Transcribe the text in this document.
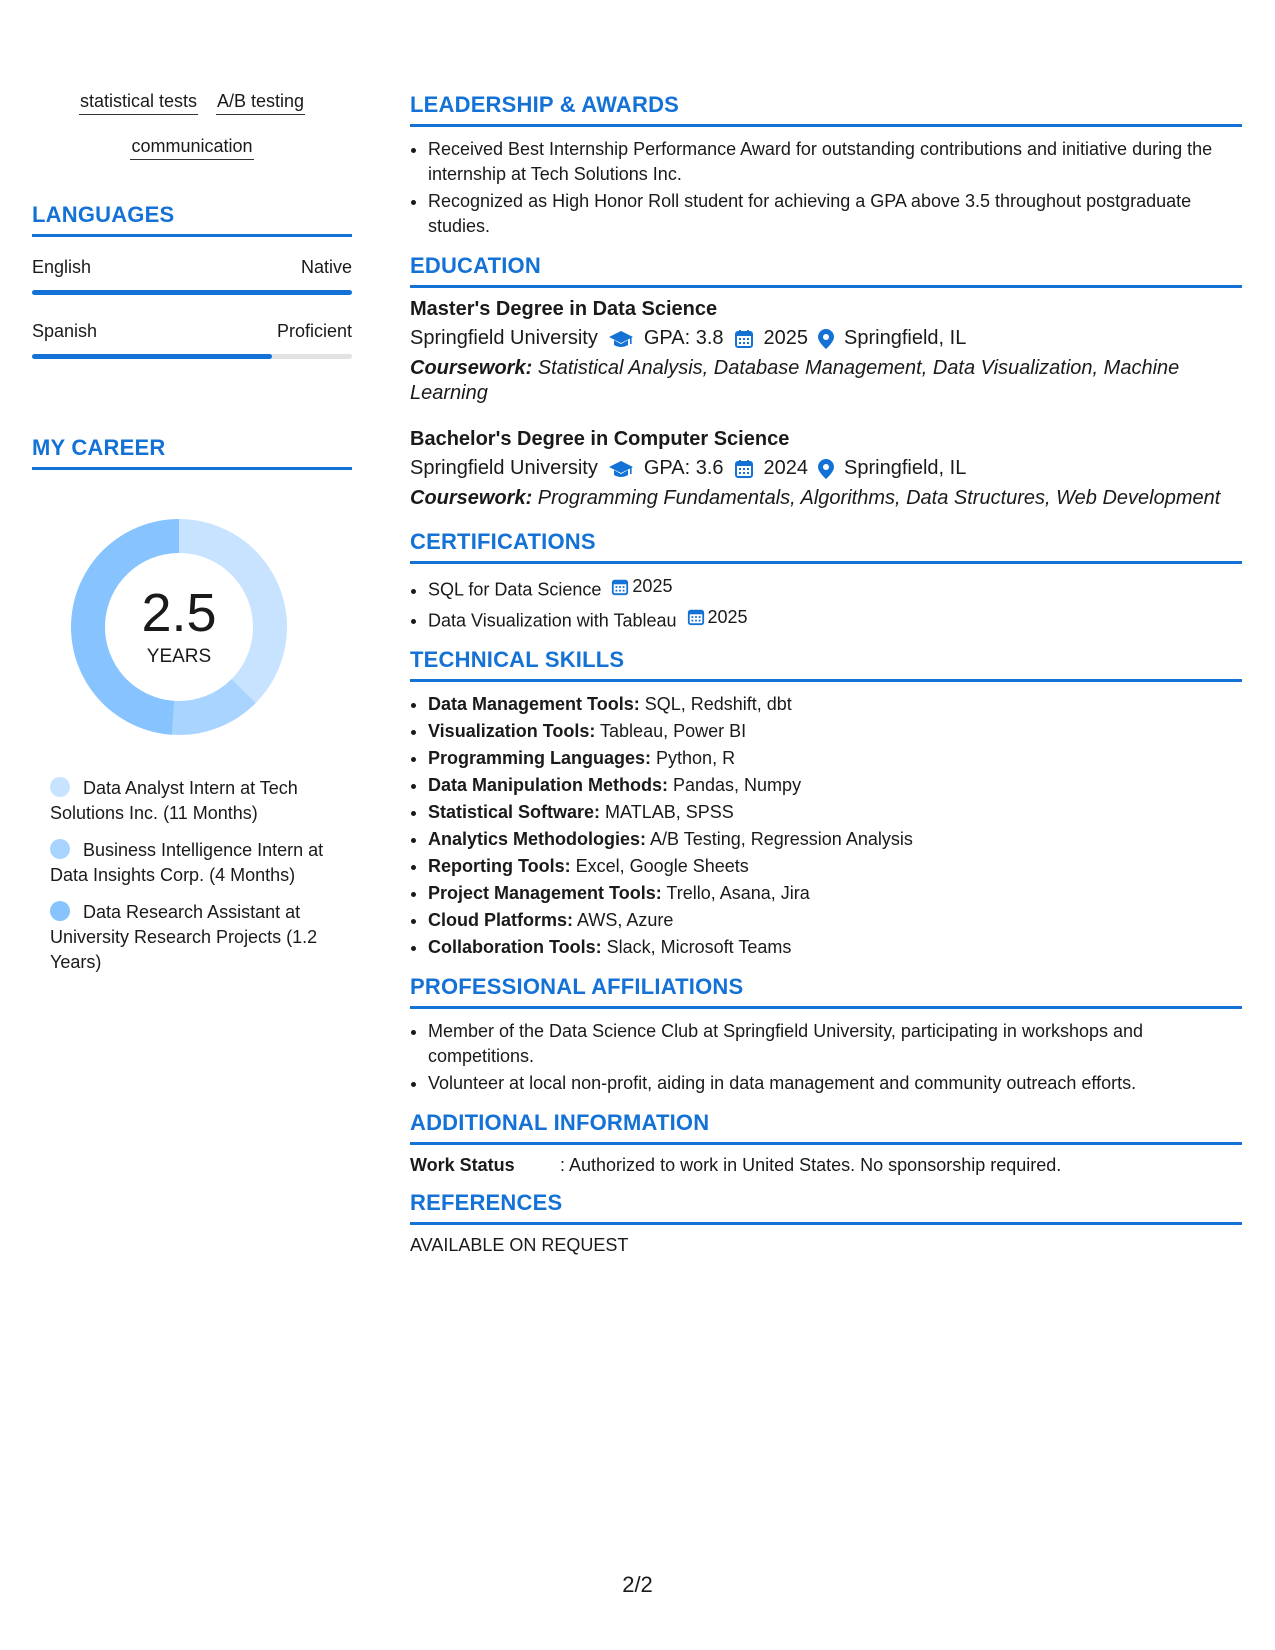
statistical tests A/B testing
communication
LANGUAGES
English	Native
Spanish	Proficient
MY CAREER
2.5
YEARS
Data Analyst Intern at Tech Solutions Inc. (11 Months)
Business Intelligence Intern at Data Insights Corp. (4 Months)
Data Research Assistant at University Research Projects (1.2 Years)
LEADERSHIP & AWARDS
• Received Best Internship Performance Award for outstanding contributions and initiative during the internship at Tech Solutions Inc.
• Recognized as High Honor Roll student for achieving a GPA above 3.5 throughout postgraduate studies.
EDUCATION
Master's Degree in Data Science
Springfield University GPA: 3.8 2025 Springfield, IL
Coursework: Statistical Analysis, Database Management, Data Visualization, Machine Learning
Bachelor's Degree in Computer Science
Springfield University GPA: 3.6 2024 Springfield, IL
Coursework: Programming Fundamentals, Algorithms, Data Structures, Web Development
CERTIFICATIONS
• SQL for Data Science 2025
• Data Visualization with Tableau 2025
TECHNICAL SKILLS
• Data Management Tools: SQL, Redshift, dbt
• Visualization Tools: Tableau, Power BI
• Programming Languages: Python, R
• Data Manipulation Methods: Pandas, Numpy
• Statistical Software: MATLAB, SPSS
• Analytics Methodologies: A/B Testing, Regression Analysis
• Reporting Tools: Excel, Google Sheets
• Project Management Tools: Trello, Asana, Jira
• Cloud Platforms: AWS, Azure
• Collaboration Tools: Slack, Microsoft Teams
PROFESSIONAL AFFILIATIONS
• Member of the Data Science Club at Springfield University, participating in workshops and competitions.
• Volunteer at local non-profit, aiding in data management and community outreach efforts.
ADDITIONAL INFORMATION
Work Status	: Authorized to work in United States. No sponsorship required.
REFERENCES
AVAILABLE ON REQUEST
2/2
